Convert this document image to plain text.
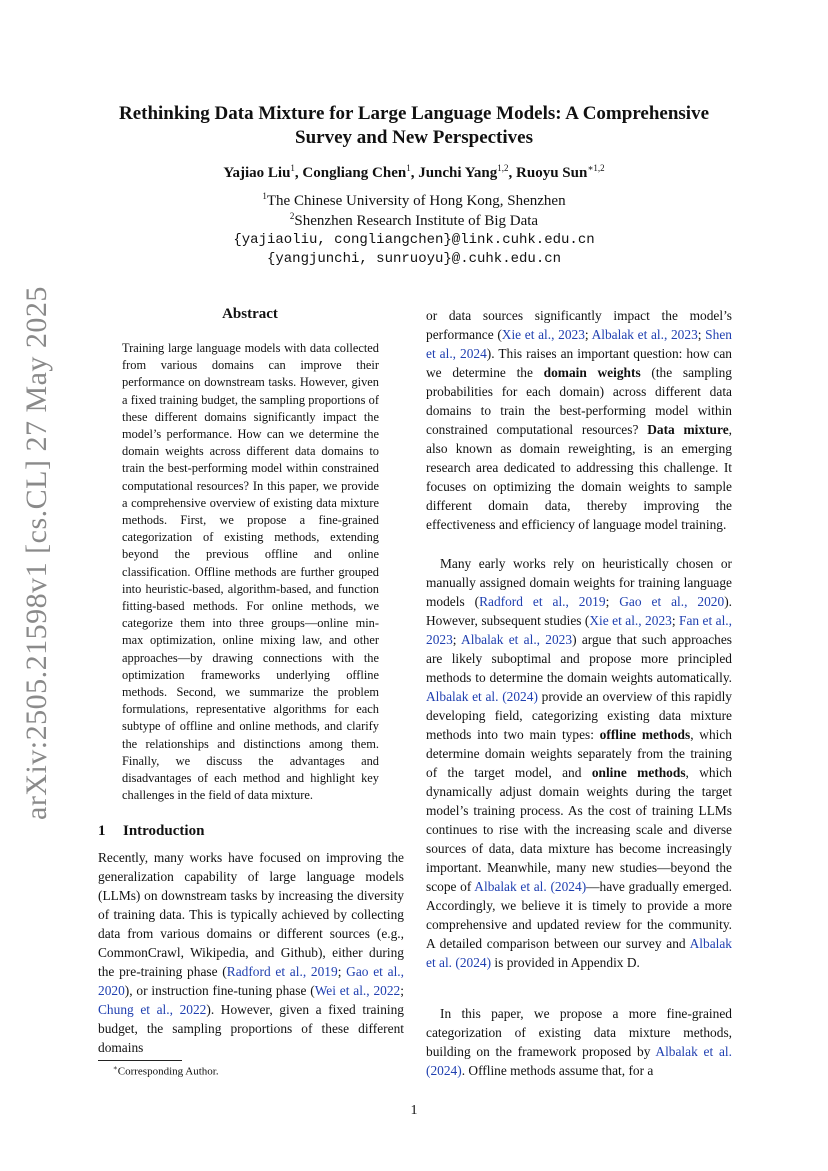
arXiv:2505.21598v1 [cs.CL] 27 May 2025
Rethinking Data Mixture for Large Language Models: A Comprehensive
Survey and New Perspectives

Yajiao Liu$^1$, Congliang Chen$^1$, Junchi Yang$^{1,2}$, Ruoyu Sun$^{∗1,2}$

$^1$The Chinese University of Hong Kong, Shenzhen
$^2$Shenzhen Research Institute of Big Data
{yajiaoliu, congliangchen}@link.cuhk.edu.cn
{yangjunchi, sunruoyu}@.cuhk.edu.cn
Abstract

Training large language models with data collected from various domains can improve their performance on downstream tasks. However, given a fixed training budget, the sampling proportions of these different domains significantly impact the model’s performance. How can we determine the domain weights across different data domains to train the best-performing model within constrained computational resources? In this paper, we provide a comprehensive overview of existing data mixture methods. First, we propose a fine-grained categorization of existing methods, extending beyond the previous offline and online classification. Offline methods are further grouped into heuristic-based, algorithm-based, and function fitting-based methods. For online methods, we categorize them into three groups—online min-max optimization, online mixing law, and other approaches—by drawing connections with the optimization frameworks underlying offline methods. Second, we summarize the problem formulations, representative algorithms for each subtype of offline and online methods, and clarify the relationships and distinctions among them. Finally, we discuss the advantages and disadvantages of each method and highlight key challenges in the field of data mixture.

1 Introduction

Recently, many works have focused on improving the generalization capability of large language models (LLMs) on downstream tasks by increasing the diversity of training data. This is typically achieved by collecting data from various domains or different sources (e.g., CommonCrawl, Wikipedia, and Github), either during the pre-training phase (Radford et al., 2019; Gao et al., 2020), or instruction fine-tuning phase (Wei et al., 2022; Chung et al., 2022). However, given a fixed training budget, the sampling proportions of these different domains

∗Corresponding Author.

or data sources significantly impact the model’s performance (Xie et al., 2023; Albalak et al., 2023; Shen et al., 2024). This raises an important question: how can we determine the domain weights (the sampling probabilities for each domain) across different data domains to train the best-performing model within constrained computational resources? Data mixture, also known as domain reweighting, is an emerging research area dedicated to addressing this challenge. It focuses on optimizing the domain weights to sample different domain data, thereby improving the effectiveness and efficiency of language model training.

Many early works rely on heuristically chosen or manually assigned domain weights for training language models (Radford et al., 2019; Gao et al., 2020). However, subsequent studies (Xie et al., 2023; Fan et al., 2023; Albalak et al., 2023) argue that such approaches are likely suboptimal and propose more principled methods to determine the domain weights automatically. Albalak et al. (2024) provide an overview of this rapidly developing field, categorizing existing data mixture methods into two main types: offline methods, which determine domain weights separately from the training of the target model, and online methods, which dynamically adjust domain weights during the target model’s training process. As the cost of training LLMs continues to rise with the increasing scale and diverse sources of data, data mixture has become increasingly important. Meanwhile, many new studies—beyond the scope of Albalak et al. (2024)—have gradually emerged. Accordingly, we believe it is timely to provide a more comprehensive and updated review for the community. A detailed comparison between our survey and Albalak et al. (2024) is provided in Appendix D.

In this paper, we propose a more fine-grained categorization of existing data mixture methods, building on the framework proposed by Albalak et al. (2024). Offline methods assume that, for a

1
